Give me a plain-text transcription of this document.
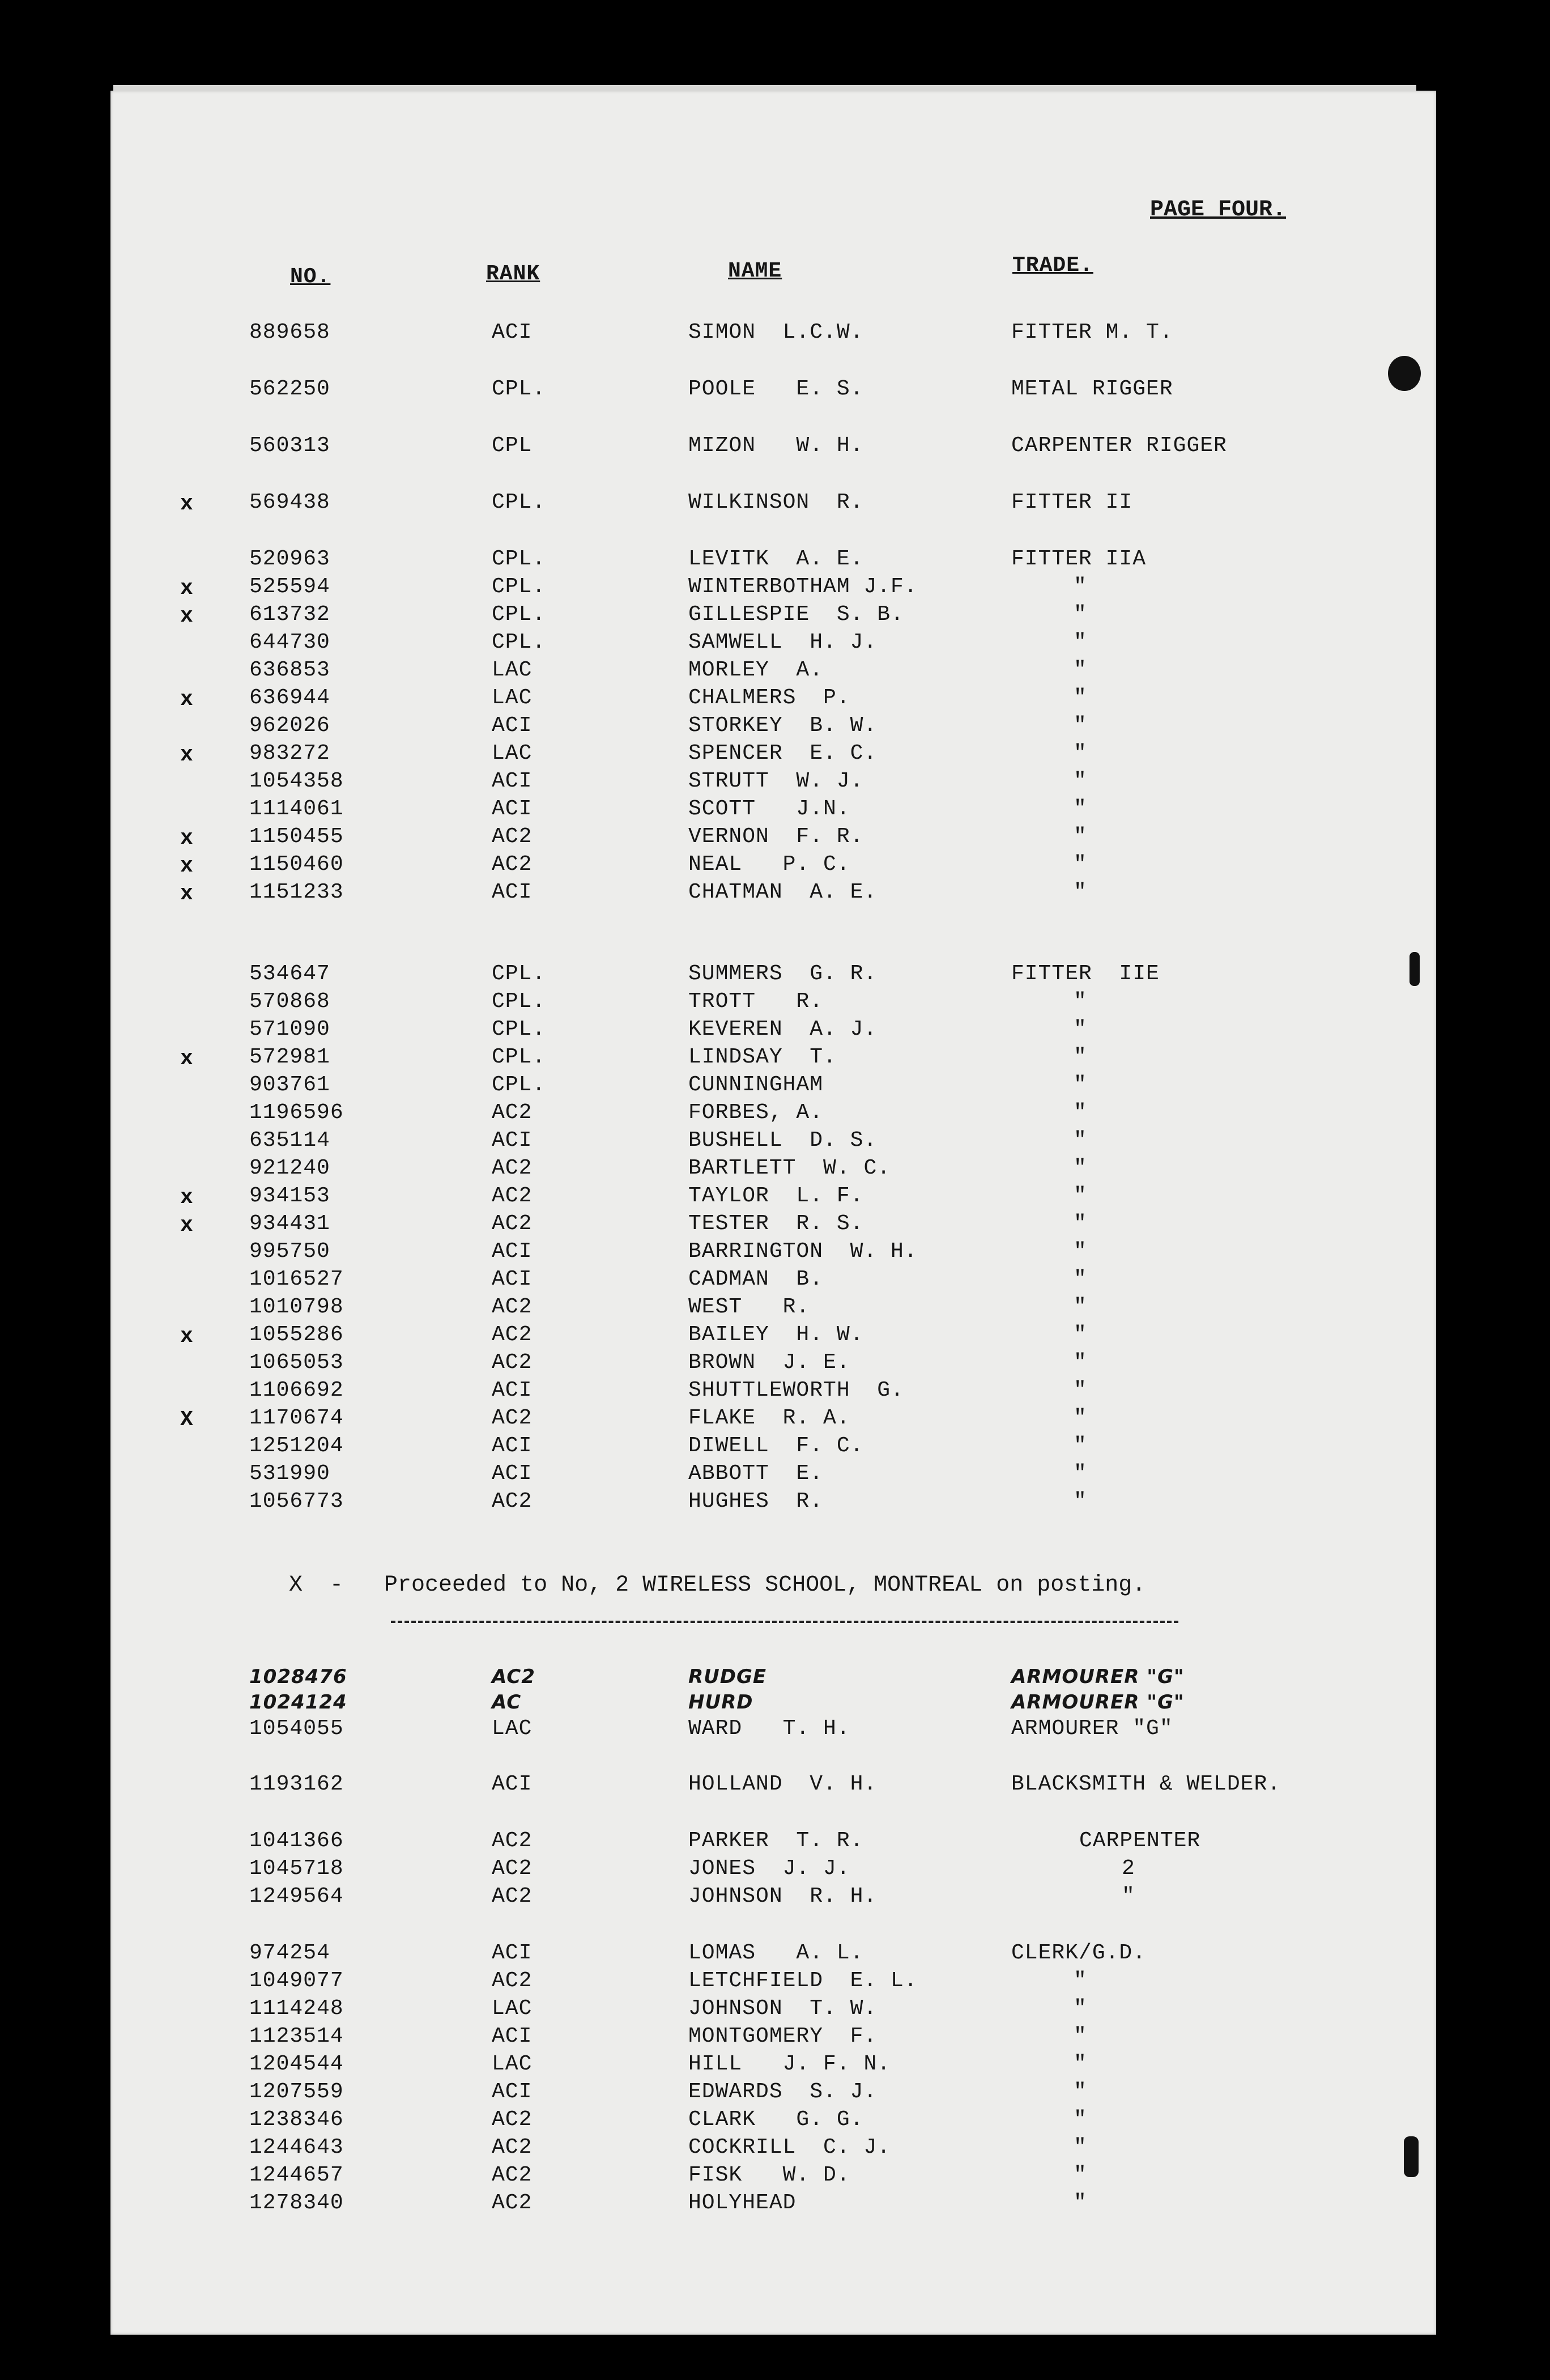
PAGE FOUR.
NO.	RANK	NAME	TRADE.
889658	ACI	SIMON  L.C.W.	FITTER M. T.
562250	CPL.	POOLE   E. S.	METAL RIGGER
560313	CPL	MIZON   W. H.	CARPENTER RIGGER
x	569438	CPL.	WILKINSON  R.	FITTER II
520963	CPL.	LEVITK  A. E.	FITTER IIA
x	525594	CPL.	WINTERBOTHAM J.F.	"
x	613732	CPL.	GILLESPIE  S. B.	"
644730	CPL.	SAMWELL  H. J.	"
636853	LAC	MORLEY  A.	"
x	636944	LAC	CHALMERS  P.	"
962026	ACI	STORKEY  B. W.	"
x	983272	LAC	SPENCER  E. C.	"
1054358	ACI	STRUTT  W. J.	"
1114061	ACI	SCOTT   J.N.	"
x	1150455	AC2	VERNON  F. R.	"
x	1150460	AC2	NEAL   P. C.	"
x	1151233	ACI	CHATMAN  A. E.	"
534647	CPL.	SUMMERS  G. R.	FITTER  IIE
570868	CPL.	TROTT   R.	"
571090	CPL.	KEVEREN  A. J.	"
x	572981	CPL.	LINDSAY  T.	"
903761	CPL.	CUNNINGHAM	"
1196596	AC2	FORBES, A.	"
635114	ACI	BUSHELL  D. S.	"
921240	AC2	BARTLETT  W. C.	"
x	934153	AC2	TAYLOR  L. F.	"
x	934431	AC2	TESTER  R. S.	"
995750	ACI	BARRINGTON  W. H.	"
1016527	ACI	CADMAN  B.	"
1010798	AC2	WEST   R.	"
x	1055286	AC2	BAILEY  H. W.	"
1065053	AC2	BROWN  J. E.	"
1106692	ACI	SHUTTLEWORTH  G.	"
X	1170674	AC2	FLAKE  R. A.	"
1251204	ACI	DIWELL  F. C.	"
531990	ACI	ABBOTT  E.	"
1056773	AC2	HUGHES  R.	"
1028476	AC2	RUDGE	ARMOURER "G"
1024124	AC	HURD	ARMOURER "G"
1054055	LAC	WARD   T. H.	ARMOURER "G"
1193162	ACI	HOLLAND  V. H.	BLACKSMITH & WELDER.
1041366	AC2	PARKER  T. R.	CARPENTER
1045718	AC2	JONES  J. J.	2
1249564	AC2	JOHNSON  R. H.	"
974254	ACI	LOMAS   A. L.	CLERK/G.D.
1049077	AC2	LETCHFIELD  E. L.	"
1114248	LAC	JOHNSON  T. W.	"
1123514	ACI	MONTGOMERY  F.	"
1204544	LAC	HILL   J. F. N.	"
1207559	ACI	EDWARDS  S. J.	"
1238346	AC2	CLARK   G. G.	"
1244643	AC2	COCKRILL  C. J.	"
1244657	AC2	FISK   W. D.	"
1278340	AC2	HOLYHEAD	"
X  -   Proceeded to No, 2 WIRELESS SCHOOL, MONTREAL on posting.
